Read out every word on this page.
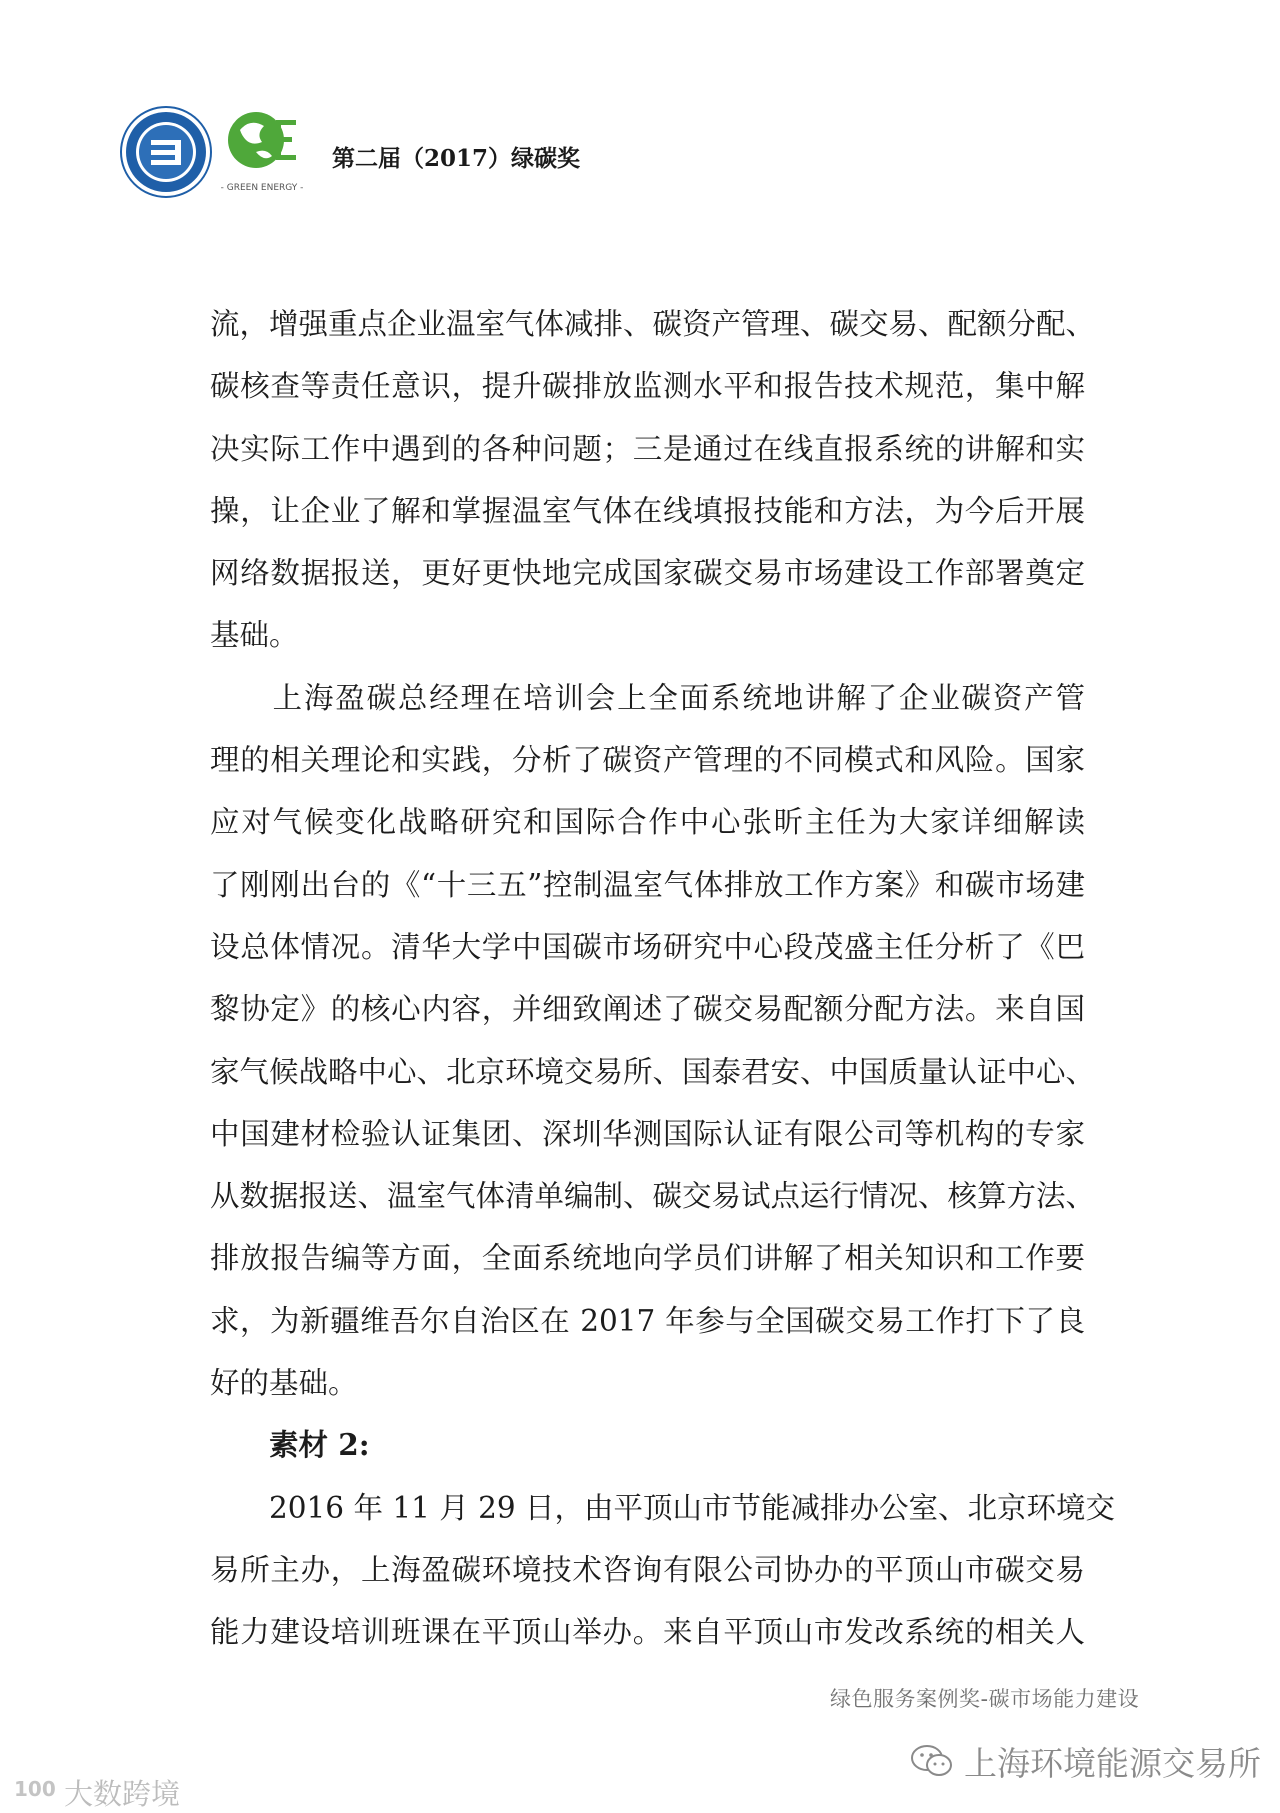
- GREEN ENERGY -
第二届（2017）绿碳奖
流，增强重点企业温室气体减排、碳资产管理、碳交易、配额分配、
碳核查等责任意识，提升碳排放监测水平和报告技术规范，集中解
决实际工作中遇到的各种问题；三是通过在线直报系统的讲解和实
操，让企业了解和掌握温室气体在线填报技能和方法，为今后开展
网络数据报送，更好更快地完成国家碳交易市场建设工作部署奠定
基础。
　　上海盈碳总经理在培训会上全面系统地讲解了企业碳资产管
理的相关理论和实践，分析了碳资产管理的不同模式和风险。国家
应对气候变化战略研究和国际合作中心张昕主任为大家详细解读
了刚刚出台的《“十三五”控制温室气体排放工作方案》和碳市场建
设总体情况。清华大学中国碳市场研究中心段茂盛主任分析了《巴
黎协定》的核心内容，并细致阐述了碳交易配额分配方法。来自国
家气候战略中心、北京环境交易所、国泰君安、中国质量认证中心、
中国建材检验认证集团、深圳华测国际认证有限公司等机构的专家
从数据报送、温室气体清单编制、碳交易试点运行情况、核算方法、
排放报告编等方面，全面系统地向学员们讲解了相关知识和工作要
求，为新疆维吾尔自治区在 2017 年参与全国碳交易工作打下了良
好的基础。
　　素材 2:
　　2016 年 11 月 29 日，由平顶山市节能减排办公室、北京环境交
易所主办，上海盈碳环境技术咨询有限公司协办的平顶山市碳交易
能力建设培训班课在平顶山举办。来自平顶山市发改系统的相关人
绿色服务案例奖-碳市场能力建设
上海环境能源交易所
100 大数跨境
